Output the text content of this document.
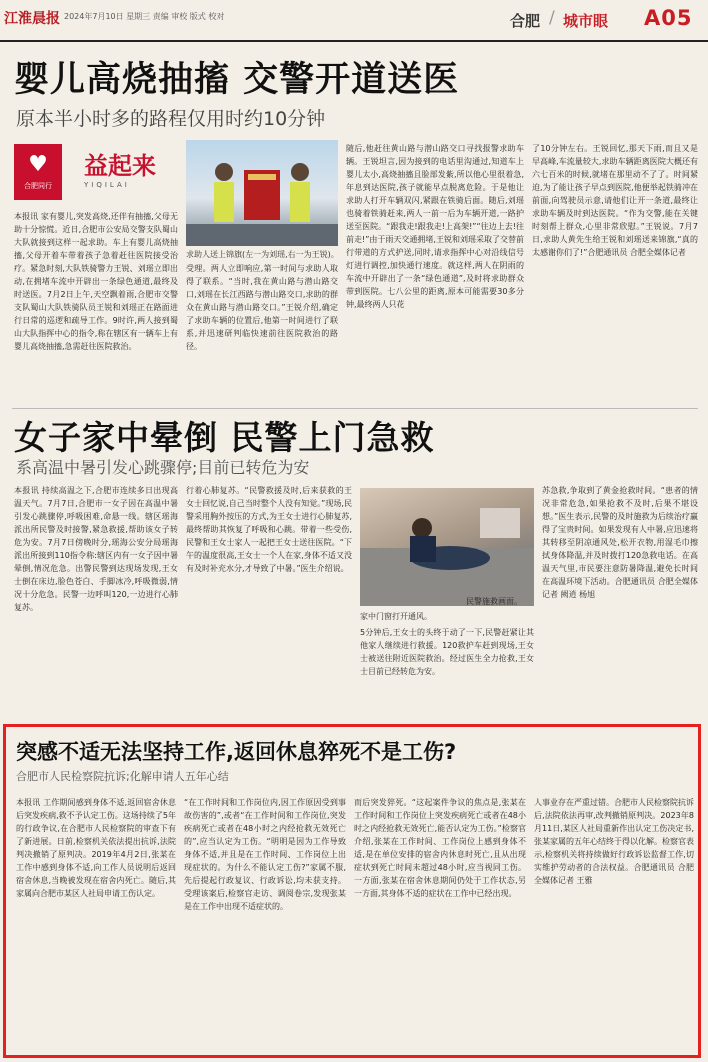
江淮晨报 2024年7月10日 星期三 责编 审校 版式 校对	合肥 / 城市眼 A05
婴儿高烧抽搐 交警开道送医
原本半小时多的路程仅用时约10分钟
♥
合肥同行
益起来
YIQILAI
本报讯 家有婴儿,突发高烧,还伴有抽搐,父母无助十分惊慌。近日,合肥市公安局交警支队蜀山大队就接到这样一起求助。车上有婴儿高烧抽搐,父母开着车带着孩子急着赶往医院接受治疗。紧急时刻,大队铁骑警力王锐、刘瑶立即出动,在拥堵车流中开辟出一条绿色通道,最终及时送医。7月2日上午,天空飘着雨,合肥市交警支队蜀山大队铁骑队员王锐和刘瑶正在路面进行日常的巡逻和疏导工作。9时许,两人接到蜀山大队指挥中心的指令,称在辖区有一辆车上有婴儿高烧抽搐,急需赶往医院救治。
求助人送上锦旗(左一为刘瑶,右一为王锐)。
受理。两人立即响应,第一时间与求助人取得了联系。“当时,我在黄山路与潜山路交口,刘瑶在长江西路与潜山路交口,求助的群众在黄山路与潜山路交口。”王锐介绍,确定了求助车辆的位置后,他第一时间进行了联系,并迅速研判临快速前往医院救治的路径。
随后,他赶往黄山路与潜山路交口寻找报警求助车辆。王锐坦言,因为接到的电话里沟通过,知道车上婴儿太小,高烧抽搐且脸部发紫,所以他心里很着急,年息到达医院,孩子就能早点脱离危险。于是他让求助人打开车辆双闪,紧跟在铁骑后面。随后,刘瑶也骑着铁骑赶来,两人一前一后为车辆开道,一路护送至医院。“跟我走!跟我走!上高架!”“往边上去!往前走!”由于雨天交通拥堵,王锐和刘瑶采取了交替前行带道的方式护送,同时,请求指挥中心对沿线信号灯进行调控,加快通行速度。就这样,两人在阴雨的车流中开辟出了一条“绿色通道”,及时将求助群众带到医院。七八公里的距离,原本可能需要30多分钟,最终两人只花
了10分钟左右。王锐回忆,那天下雨,而且又是早高峰,车流量较大,求助车辆距离医院大概还有六七百米的时候,就堵在那里动不了了。时间紧迫,为了能让孩子早点到医院,他便举起铁骑冲在前面,向驾驶员示意,请他们让开一条道,最终让求助车辆及时到达医院。“作为交警,能在关键时刻帮上群众,心里非常欣慰。”王锐说。7月7日,求助人黄先生给王锐和刘瑶送来锦旗,“真的太感谢你们了!”合肥通讯员 合肥全媒体记者
女子家中晕倒 民警上门急救
系高温中暑引发心跳骤停;目前已转危为安
本报讯 持续高温之下,合肥市连续多日出现高温天气。7月7日,合肥市一女子因在高温中暑引发心跳骤停,呼吸困难,命悬一线。辖区瑶海派出所民警及时接警,紧急救援,帮助该女子转危为安。7月7日傍晚时分,瑶海公安分局瑶海派出所接到110指令称:辖区内有一女子因中暑晕倒,情况危急。出警民警到达现场发现,王女士倒在床边,脸色苍白、手脚冰冷,呼吸微弱,情况十分危急。民警一边呼叫120,一边进行心肺复苏。
行着心肺复苏。“民警救援及时,后来获救的王女士回忆说,自己当时整个人没有知觉。”现场,民警采用胸外按压的方式,为王女士进行心肺复苏,最终帮助其恢复了呼吸和心跳。带着一些受伤,民警和王女士家人一起把王女士送往医院。“下午的温度很高,王女士一个人在家,身体不适又没有及时补充水分,才导致了中暑。”医生介绍说。
民警施救画面。
家中门窗打开通风。
5分钟后,王女士的头终于动了一下,民警赶紧让其他家人继续进行救援。120救护车赶到现场,王女士被送往附近医院救治。经过医生全力抢救,王女士目前已经转危为安。
苏急救,争取到了黄金抢救时间。“患者的情况非常危急,如果抢救不及时,后果不堪设想。”医生表示,民警的及时施救为后续治疗赢得了宝贵时间。如果发现有人中暑,应迅速将其转移至阴凉通风处,松开衣物,用湿毛巾擦拭身体降温,并及时拨打120急救电话。在高温天气里,市民要注意防暑降温,避免长时间在高温环境下活动。合肥通讯员 合肥全媒体记者 阙逍 杨旭
突感不适无法坚持工作,返回休息猝死不是工伤?
合肥市人民检察院抗诉;化解申请人五年心结
本报讯 工作期间感到身体不适,返回宿舍休息后突发疾病,救不予认定工伤。这场持续了5年的行政争议,在合肥市人民检察院的审查下有了新进展。日前,检察机关依法提出抗诉,法院判决撤销了原判决。2019年4月2日,张某在工作中感到身体不适,向工作人员说明后返回宿舍休息,当晚被发现在宿舍内死亡。随后,其家属向合肥市某区人社局申请工伤认定。
“在工作时间和工作岗位内,因工作原因受到事故伤害的”,或者“在工作时间和工作岗位,突发疾病死亡或者在48小时之内经抢救无效死亡的”,应当认定为工伤。“明明是因为工作导致身体不适,并且是在工作时间、工作岗位上出现症状的。为什么不能认定工伤?”家属不服,先后提起行政复议、行政诉讼,均未获支持。受理该案后,检察官走访、调阅卷宗,发现张某是在工作中出现不适症状的。
而后突发猝死。“这起案件争议的焦点是,张某在工作时间和工作岗位上突发疾病死亡或者在48小时之内经抢救无效死亡,能否认定为工伤。”检察官介绍,张某在工作时间、工作岗位上感到身体不适,是在单位安排的宿舍内休息时死亡,且从出现症状到死亡时间未超过48小时,应当视同工伤。一方面,张某在宿舍休息期间仍处于工作状态,另一方面,其身体不适的症状在工作中已经出现。
人事业存在严重过错。合肥市人民检察院抗诉后,法院依法再审,改判撤销原判决。2023年8月11日,某区人社局重新作出认定工伤决定书,张某家属的五年心结终于得以化解。检察官表示,检察机关将持续做好行政诉讼监督工作,切实维护劳动者的合法权益。合肥通讯员 合肥全媒体记者 王雅
